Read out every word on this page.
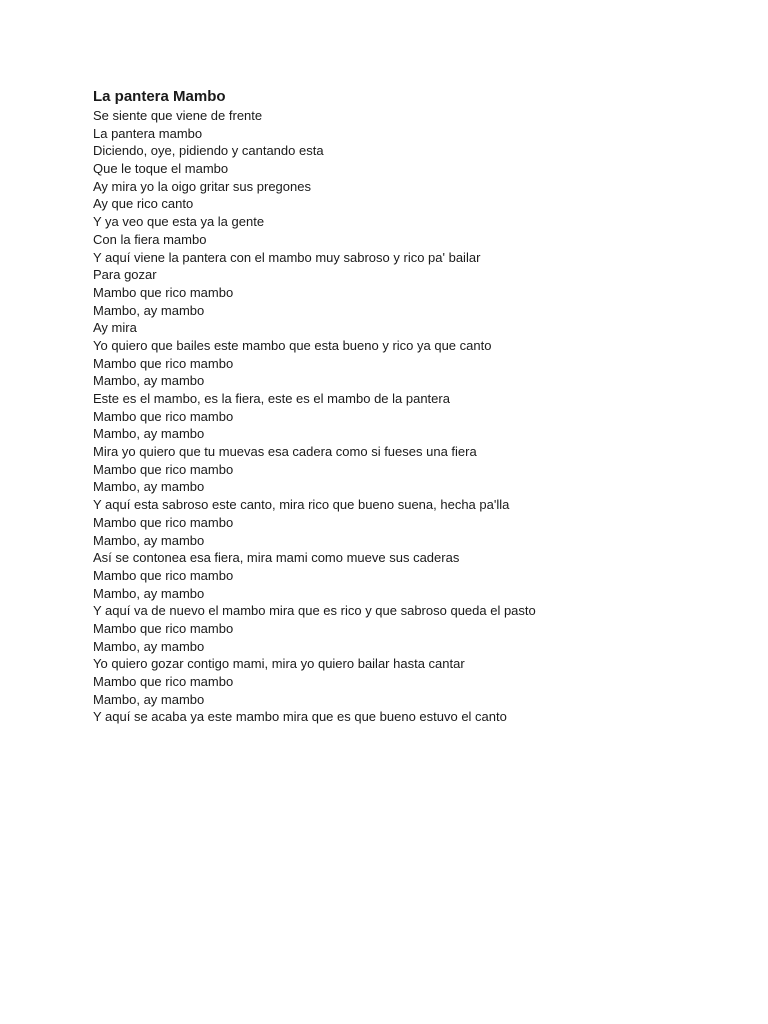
La pantera Mambo
Se siente que viene de frente
La pantera mambo
Diciendo, oye, pidiendo y cantando esta
Que le toque el mambo
Ay mira yo la oigo gritar sus pregones
Ay que rico canto
Y ya veo que esta ya la gente
Con la fiera mambo
Y aquí viene la pantera con el mambo muy sabroso y rico pa' bailar
Para gozar
Mambo que rico mambo
Mambo, ay mambo
Ay mira
Yo quiero que bailes este mambo que esta bueno y rico ya que canto
Mambo que rico mambo
Mambo, ay mambo
Este es el mambo, es la fiera, este es el mambo de la pantera
Mambo que rico mambo
Mambo, ay mambo
Mira yo quiero que tu muevas esa cadera como si fueses una fiera
Mambo que rico mambo
Mambo, ay mambo
Y aquí esta sabroso este canto, mira rico que bueno suena, hecha pa'lla
Mambo que rico mambo
Mambo, ay mambo
Así se contonea esa fiera, mira mami como mueve sus caderas
Mambo que rico mambo
Mambo, ay mambo
Y aquí va de nuevo el mambo mira que es rico y que sabroso queda el pasto
Mambo que rico mambo
Mambo, ay mambo
Yo quiero gozar contigo mami, mira yo quiero bailar hasta cantar
Mambo que rico mambo
Mambo, ay mambo
Y aquí se acaba ya este mambo mira que es que bueno estuvo el canto
